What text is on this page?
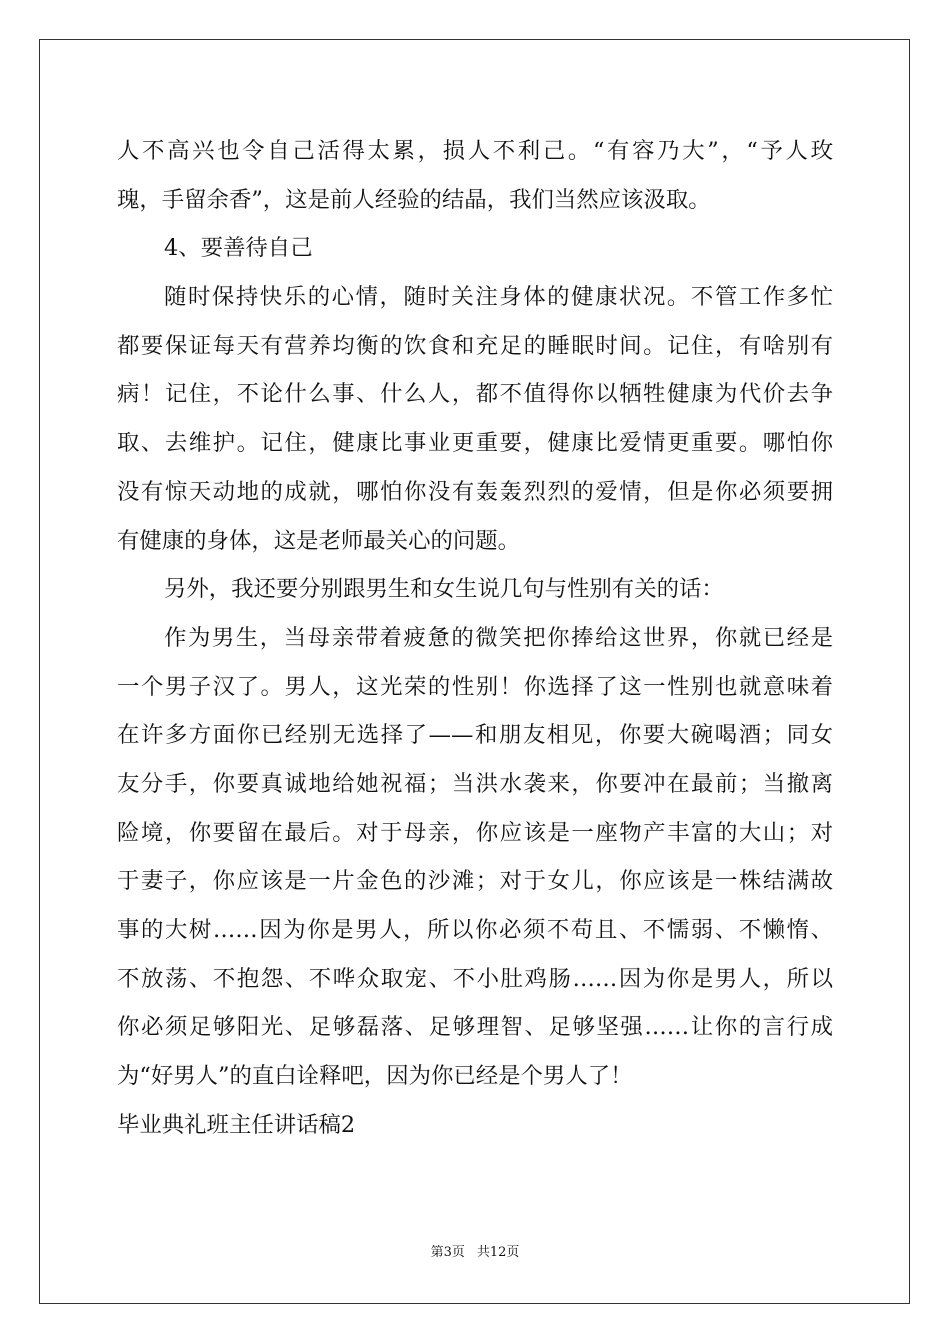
人不高兴也令自己活得太累，损人不利己。“有容乃大”，“予人玫
瑰，手留余香”，这是前人经验的结晶，我们当然应该汲取。
4、要善待自己
随时保持快乐的心情，随时关注身体的健康状况。不管工作多忙
都要保证每天有营养均衡的饮食和充足的睡眠时间。记住，有啥别有
病！记住，不论什么事、什么人，都不值得你以牺牲健康为代价去争
取、去维护。记住，健康比事业更重要，健康比爱情更重要。哪怕你
没有惊天动地的成就，哪怕你没有轰轰烈烈的爱情，但是你必须要拥
有健康的身体，这是老师最关心的问题。
另外，我还要分别跟男生和女生说几句与性别有关的话：
作为男生，当母亲带着疲惫的微笑把你捧给这世界，你就已经是
一个男子汉了。男人，这光荣的性别！你选择了这一性别也就意味着
在许多方面你已经别无选择了——和朋友相见，你要大碗喝酒；同女
友分手，你要真诚地给她祝福；当洪水袭来，你要冲在最前；当撤离
险境，你要留在最后。对于母亲，你应该是一座物产丰富的大山；对
于妻子，你应该是一片金色的沙滩；对于女儿，你应该是一株结满故
事的大树……因为你是男人，所以你必须不苟且、不懦弱、不懒惰、
不放荡、不抱怨、不哗众取宠、不小肚鸡肠……因为你是男人，所以
你必须足够阳光、足够磊落、足够理智、足够坚强……让你的言行成
为“好男人”的直白诠释吧，因为你已经是个男人了！
毕业典礼班主任讲话稿2
第3页 共12页
